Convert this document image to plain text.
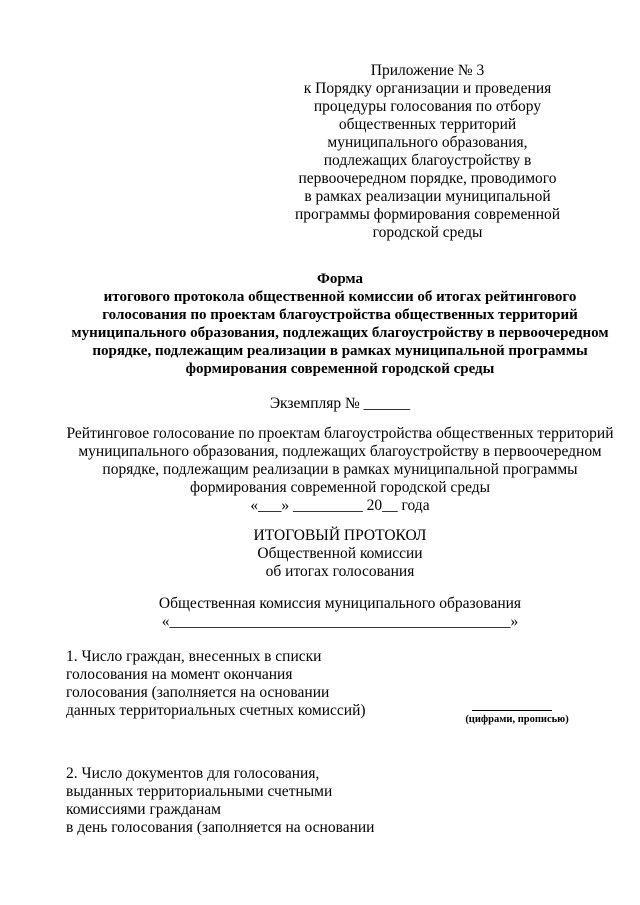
Приложение № 3
к Порядку организации и проведения
процедуры голосования по отбору
общественных территорий
муниципального образования,
подлежащих благоустройству в
первоочередном порядке, проводимого
в рамках реализации муниципальной
программы формирования современной
городской среды
Форма
итогового протокола общественной комиссии об итогах рейтингового
голосования по проектам благоустройства общественных территорий
муниципального образования, подлежащих благоустройству в первоочередном
порядке, подлежащим реализации в рамках муниципальной программы
формирования современной городской среды
Экземпляр № ______
Рейтинговое голосование по проектам благоустройства общественных территорий
муниципального образования, подлежащих благоустройству в первоочередном
порядке, подлежащим реализации в рамках муниципальной программы
формирования современной городской среды
«___» _________ 20__ года
ИТОГОВЫЙ ПРОТОКОЛ
Общественной комиссии
об итогах голосования
Общественная комиссия муниципального образования
«____________________________________________»
1. Число граждан, внесенных в списки
голосования на момент окончания
голосования (заполняется на основании
данных территориальных счетных комиссий)
(цифрами, прописью)
2. Число документов для голосования,
выданных территориальными счетными
комиссиями гражданам
в день голосования (заполняется на основании
